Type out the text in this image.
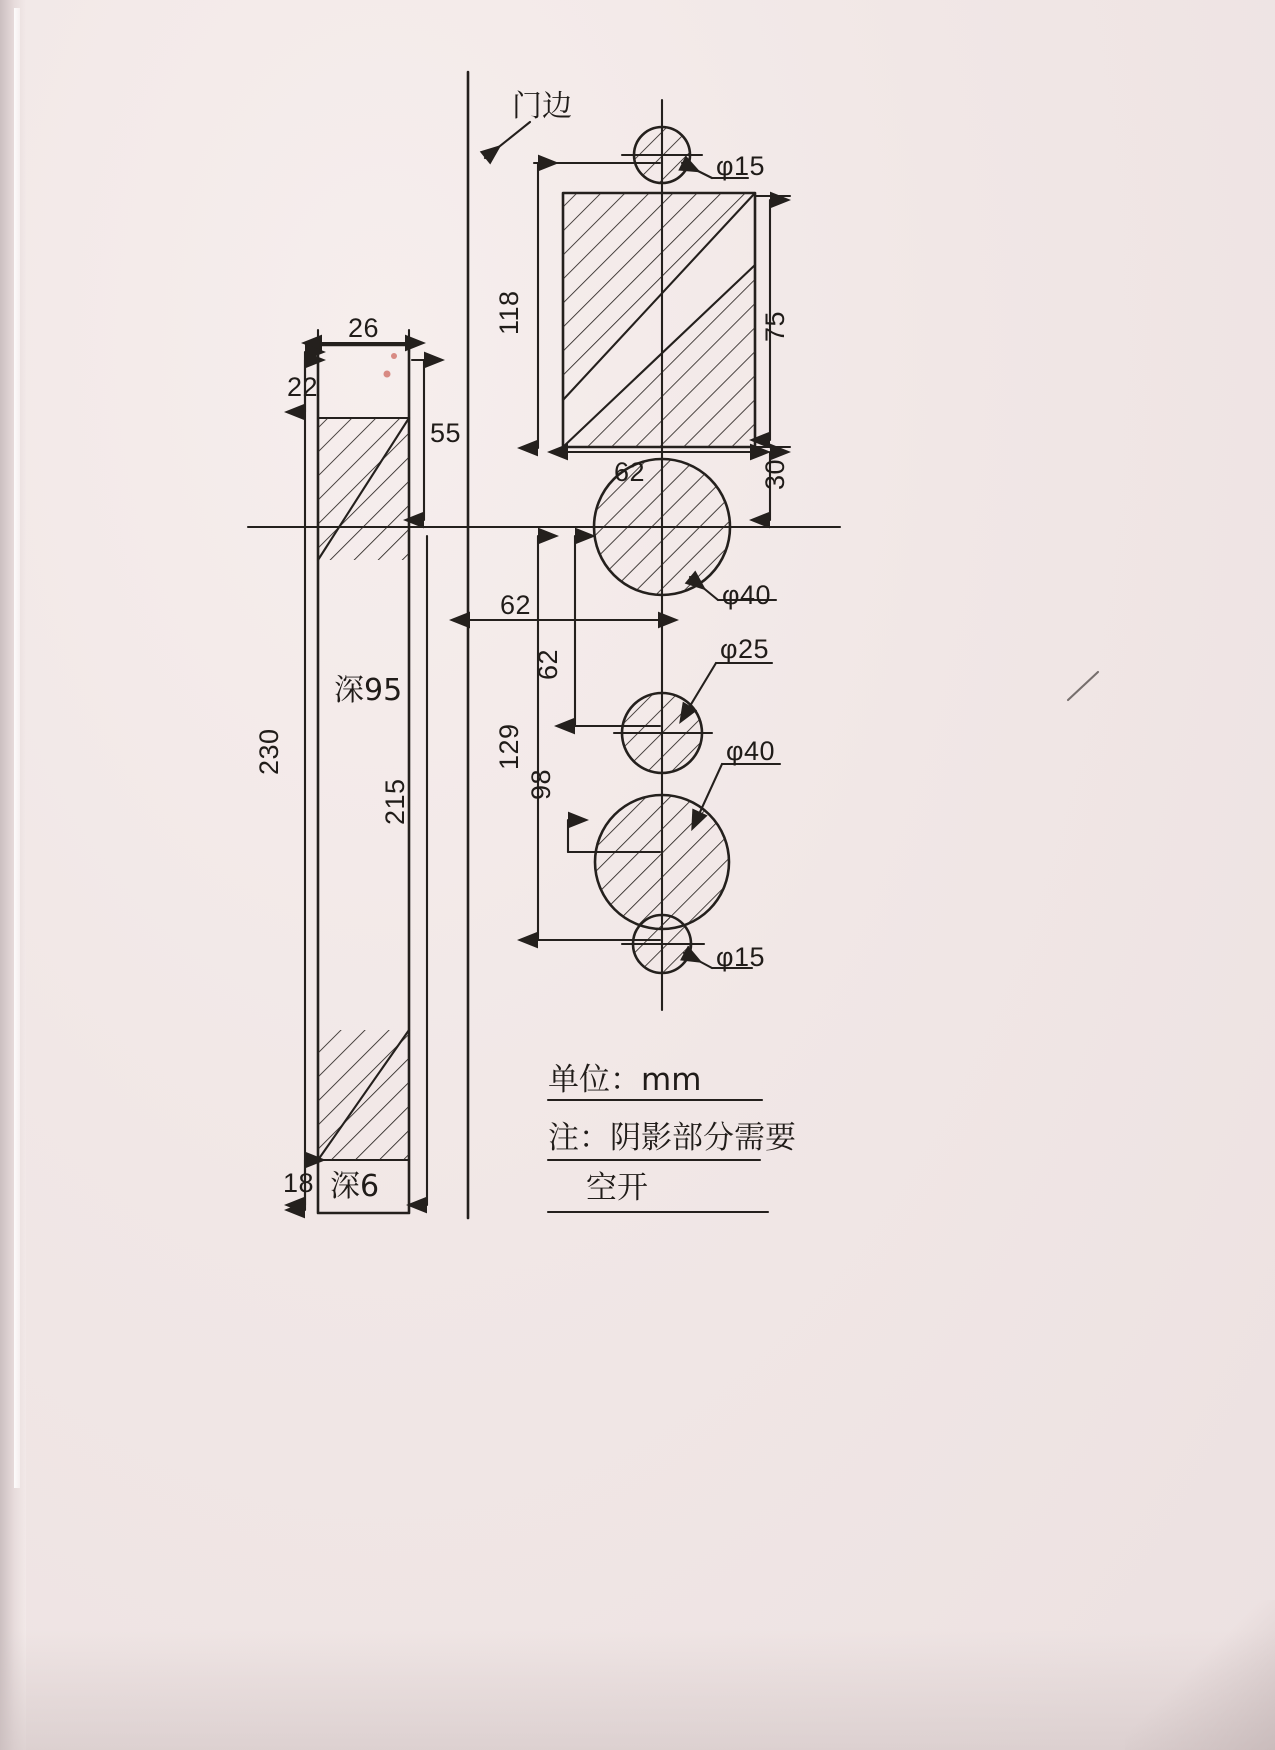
门边
26
22
55
230
215
18
深95
深6
φ15
φ40
φ25
φ40
φ15
118	75
62	30
62
62
129
98
单位：mm
注：阴影部分需要
空开
